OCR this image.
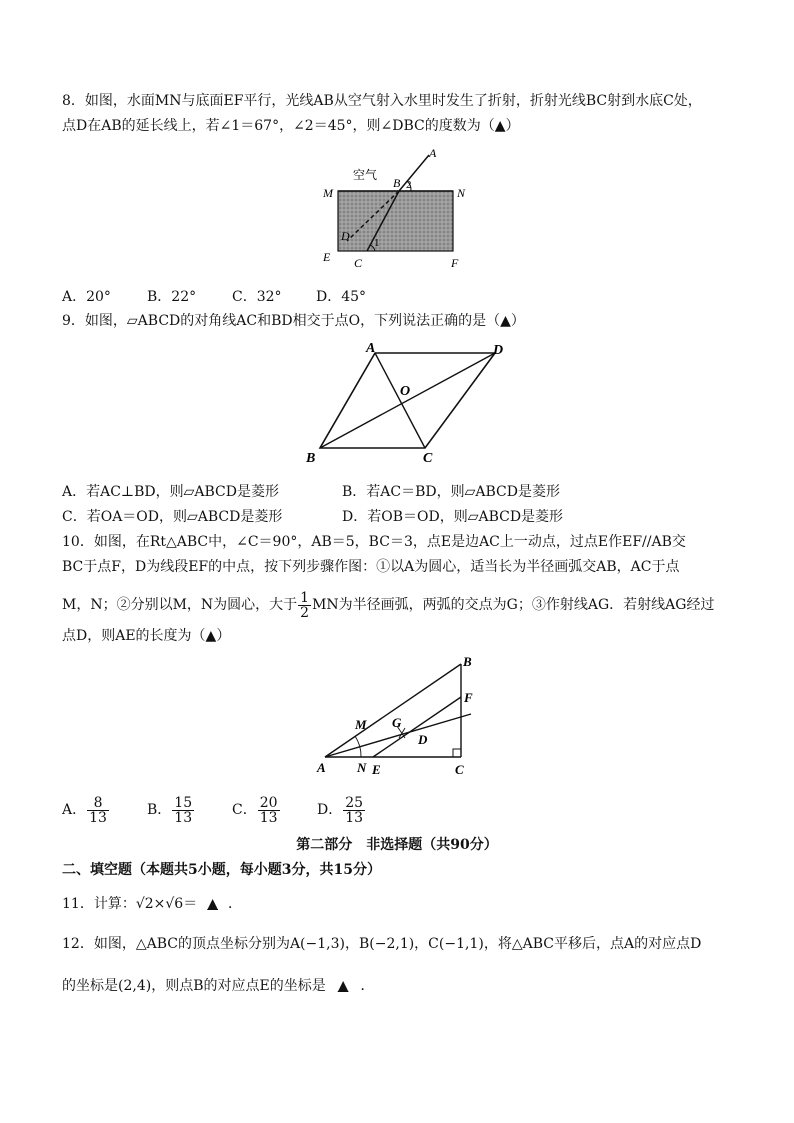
8．如图，水面MN与底面EF平行，光线AB从空气射入水里时发生了折射，折射光线BC射到水底C处，
点D在AB的延长线上，若∠1＝67°，∠2＝45°，则∠DBC的度数为（▲）
A
B 2
空气
M	N
D 1
E C	F
A．20°	B．22°	C．32° D．45°
9．如图，▱ABCD的对角线AC和BD相交于点O，下列说法正确的是（▲）
A	D
O
B	C
A．若AC⊥BD，则▱ABCD是菱形	B．若AC＝BD，则▱ABCD是菱形
C．若OA＝OD，则▱ABCD是菱形	D．若OB＝OD，则▱ABCD是菱形
10．如图，在Rt△ABC中，∠C＝90°，AB＝5，BC＝3，点E是边AC上一动点，过点E作EF//AB交
BC于点F，D为线段EF的中点，按下列步骤作图：①以A为圆心，适当长为半径画弧交AB，AC于点
M，N；②分别以M，N为圆心，大于 $\frac{1}{2}$ MN为半径画弧，两弧的交点为G；③作射线AG．若射线AG经过
点D，则AE的长度为（▲）
B
F
M G
D
A N E	C
A． $\frac{8}{13}$	B． $\frac{15}{13}$	C． $\frac{20}{13}$	D． $\frac{25}{13}$
第二部分　非选择题（共90分）
二、填空题（本题共5小题，每小题3分，共15分）
11．计算：√2×√6＝ ▲ ．
12．如图，△ABC的顶点坐标分别为A(−1,3)，B(−2,1)，C(−1,1)，将△ABC平移后，点A的对应点D
的坐标是(2,4)，则点B的对应点E的坐标是 ▲ ．
